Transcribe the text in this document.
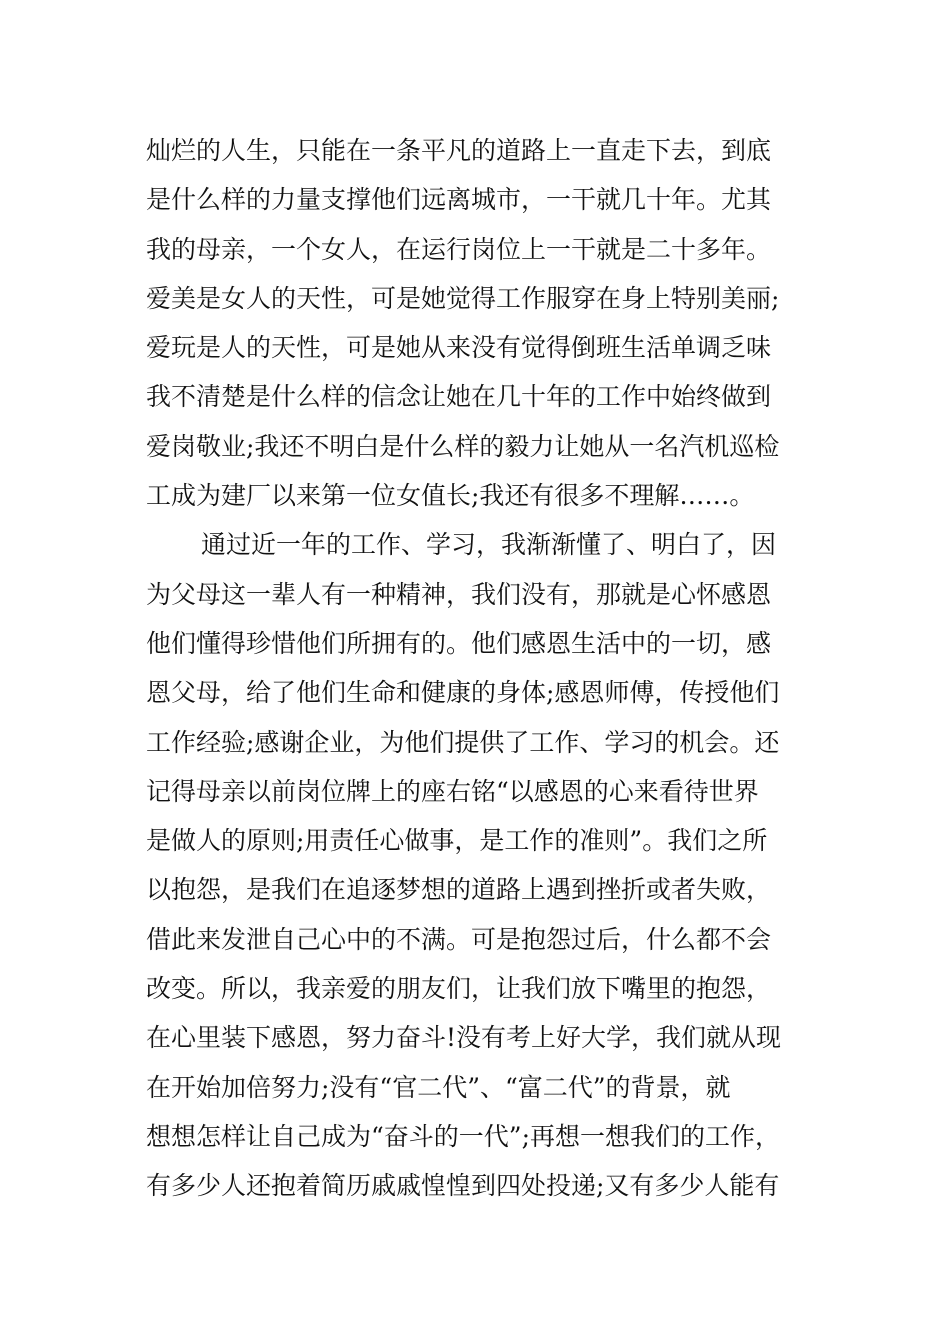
灿烂的人生，只能在一条平凡的道路上一直走下去，到底
是什么样的力量支撑他们远离城市，一干就几十年。尤其
我的母亲，一个女人，在运行岗位上一干就是二十多年。
爱美是女人的天性，可是她觉得工作服穿在身上特别美丽;
爱玩是人的天性，可是她从来没有觉得倒班生活单调乏味
我不清楚是什么样的信念让她在几十年的工作中始终做到
爱岗敬业;我还不明白是什么样的毅力让她从一名汽机巡检
工成为建厂以来第一位女值长;我还有很多不理解……。
通过近一年的工作、学习，我渐渐懂了、明白了，因
为父母这一辈人有一种精神，我们没有，那就是心怀感恩
他们懂得珍惜他们所拥有的。他们感恩生活中的一切，感
恩父母，给了他们生命和健康的身体;感恩师傅，传授他们
工作经验;感谢企业，为他们提供了工作、学习的机会。还
记得母亲以前岗位牌上的座右铭“以感恩的心来看待世界
是做人的原则;用责任心做事，是工作的准则”。我们之所
以抱怨，是我们在追逐梦想的道路上遇到挫折或者失败，
借此来发泄自己心中的不满。可是抱怨过后，什么都不会
改变。所以，我亲爱的朋友们，让我们放下嘴里的抱怨，
在心里装下感恩，努力奋斗!没有考上好大学，我们就从现
在开始加倍努力;没有“官二代”、“富二代”的背景，就
想想怎样让自己成为“奋斗的一代”;再想一想我们的工作，
有多少人还抱着简历戚戚惶惶到四处投递;又有多少人能有
